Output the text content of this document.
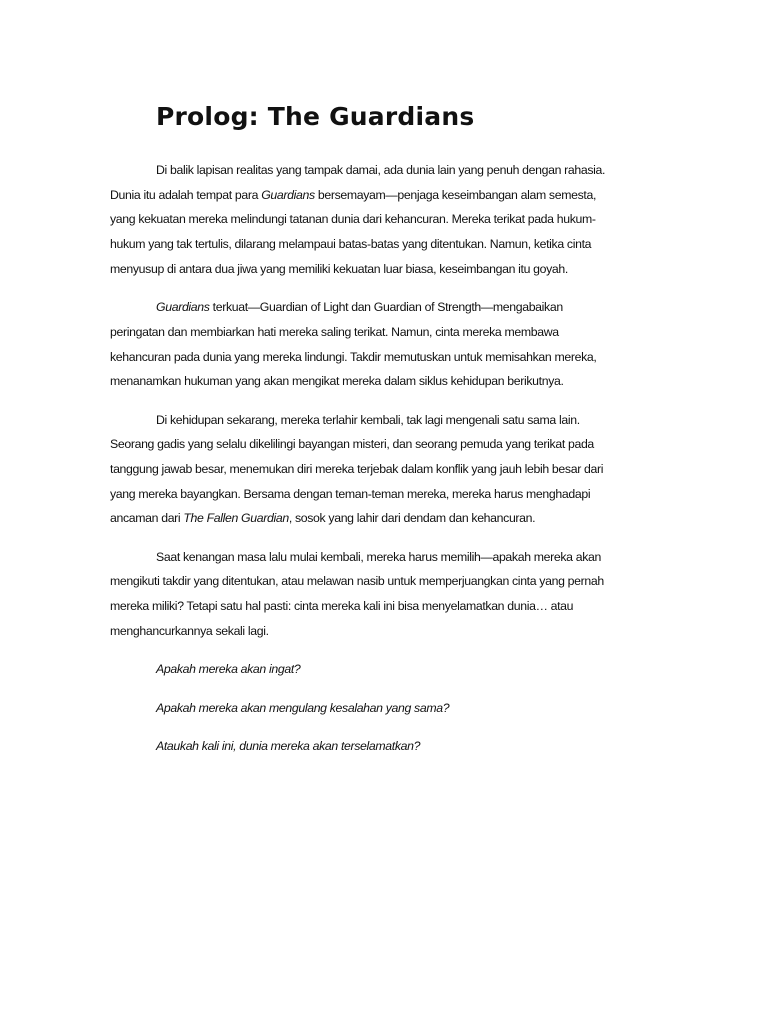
Prolog: The Guardians

Di balik lapisan realitas yang tampak damai, ada dunia lain yang penuh dengan rahasia. Dunia itu adalah tempat para Guardians bersemayam—penjaga keseimbangan alam semesta, yang kekuatan mereka melindungi tatanan dunia dari kehancuran. Mereka terikat pada hukum-hukum yang tak tertulis, dilarang melampaui batas-batas yang ditentukan. Namun, ketika cinta menyusup di antara dua jiwa yang memiliki kekuatan luar biasa, keseimbangan itu goyah.

Guardians terkuat—Guardian of Light dan Guardian of Strength—mengabaikan peringatan dan membiarkan hati mereka saling terikat. Namun, cinta mereka membawa kehancuran pada dunia yang mereka lindungi. Takdir memutuskan untuk memisahkan mereka, menanamkan hukuman yang akan mengikat mereka dalam siklus kehidupan berikutnya.

Di kehidupan sekarang, mereka terlahir kembali, tak lagi mengenali satu sama lain. Seorang gadis yang selalu dikelilingi bayangan misteri, dan seorang pemuda yang terikat pada tanggung jawab besar, menemukan diri mereka terjebak dalam konflik yang jauh lebih besar dari yang mereka bayangkan. Bersama dengan teman-teman mereka, mereka harus menghadapi ancaman dari The Fallen Guardian, sosok yang lahir dari dendam dan kehancuran.

Saat kenangan masa lalu mulai kembali, mereka harus memilih—apakah mereka akan mengikuti takdir yang ditentukan, atau melawan nasib untuk memperjuangkan cinta yang pernah mereka miliki? Tetapi satu hal pasti: cinta mereka kali ini bisa menyelamatkan dunia… atau menghancurkannya sekali lagi.

Apakah mereka akan ingat?

Apakah mereka akan mengulang kesalahan yang sama?

Ataukah kali ini, dunia mereka akan terselamatkan?
